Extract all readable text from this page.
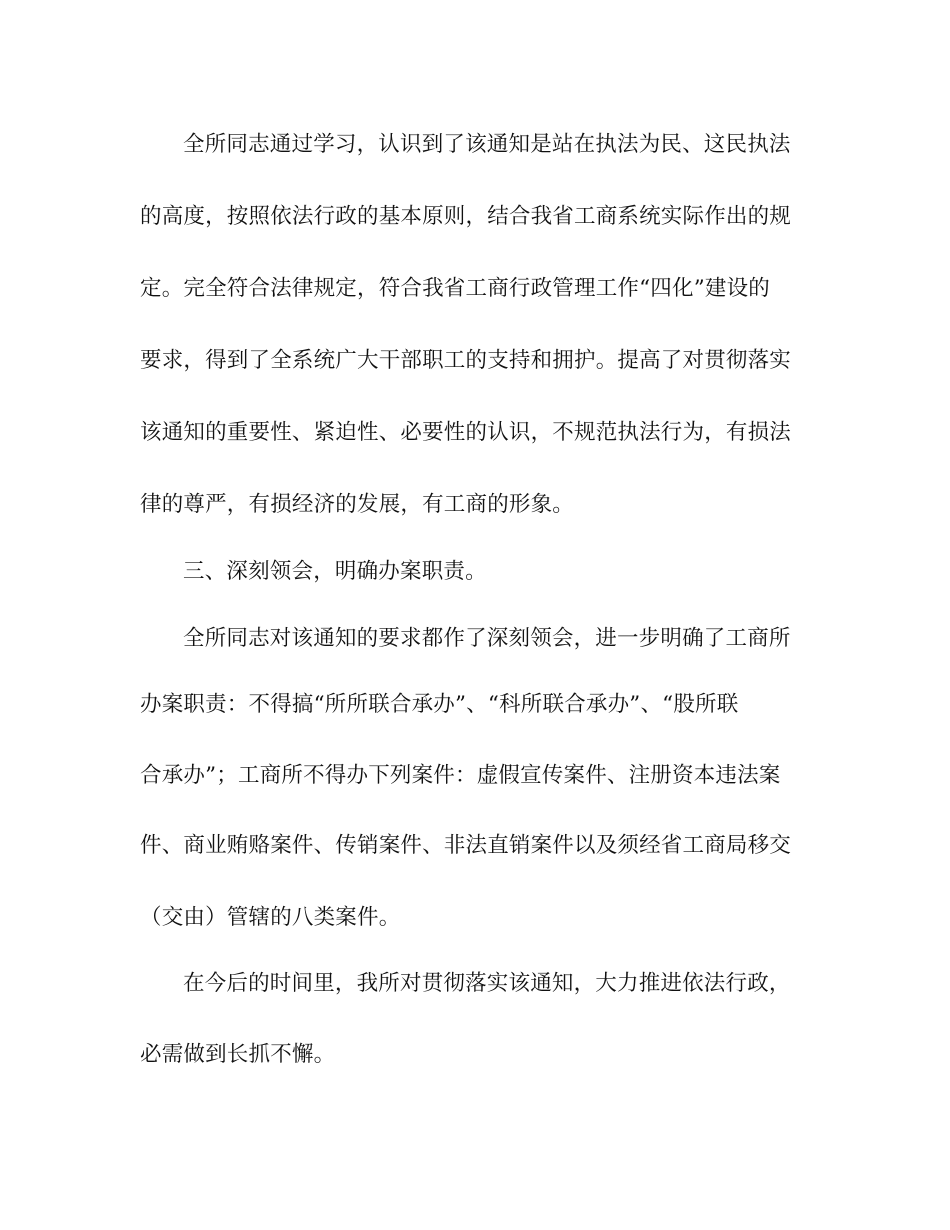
全所同志通过学习，认识到了该通知是站在执法为民、这民执法
的高度，按照依法行政的基本原则，结合我省工商系统实际作出的规
定。完全符合法律规定，符合我省工商行政管理工作“四化”建设的
要求，得到了全系统广大干部职工的支持和拥护。提高了对贯彻落实
该通知的重要性、紧迫性、必要性的认识，不规范执法行为，有损法
律的尊严，有损经济的发展，有工商的形象。
三、深刻领会，明确办案职责。
全所同志对该通知的要求都作了深刻领会，进一步明确了工商所
办案职责：不得搞“所所联合承办”、“科所联合承办”、“股所联
合承办”；工商所不得办下列案件：虚假宣传案件、注册资本违法案
件、商业贿赂案件、传销案件、非法直销案件以及须经省工商局移交
（交由）管辖的八类案件。
在今后的时间里，我所对贯彻落实该通知，大力推进依法行政，
必需做到长抓不懈。
